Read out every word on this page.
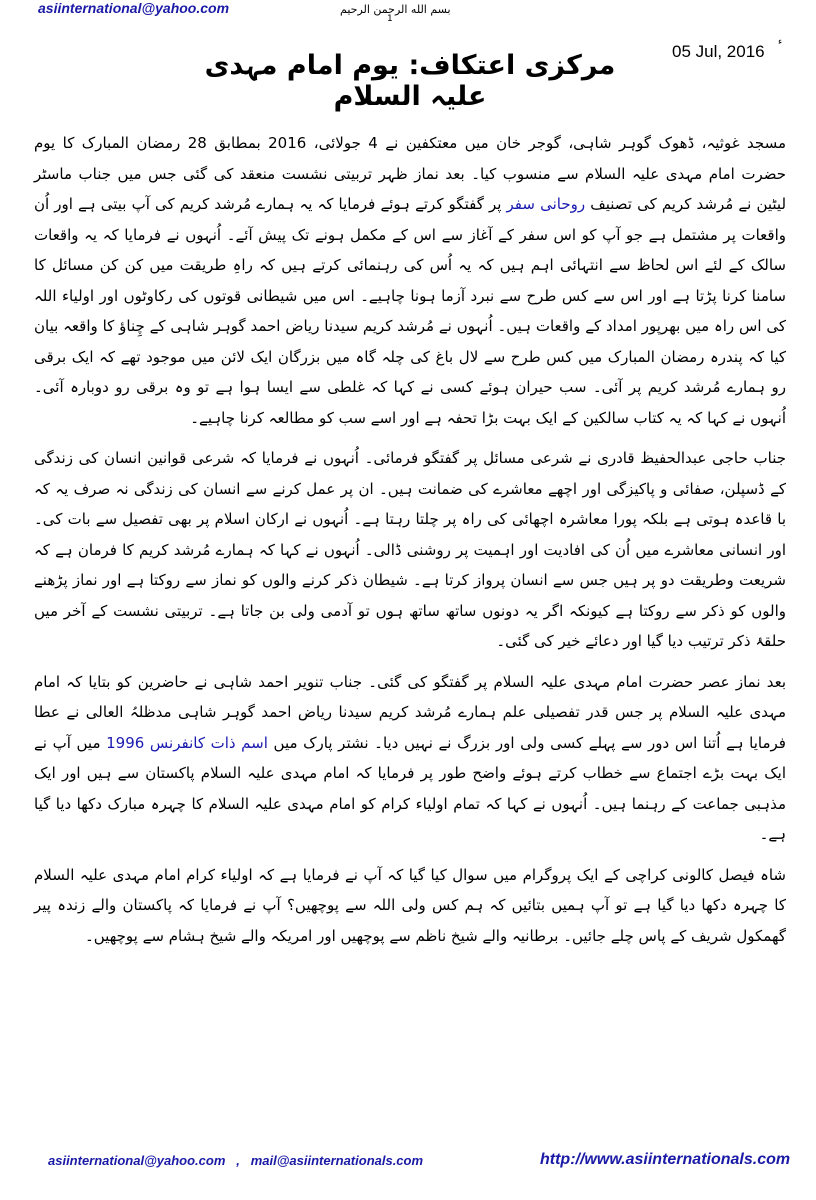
asiinternational@yahoo.com	بسم الله الرحمن الرحیم
1
05 Jul, 2016 ء
مرکزی اعتکاف: یوم امام مہدی علیہ السلام

مسجد غوثیہ، ڈھوک گوہر شاہی، گوجر خان میں معتکفین نے 4 جولائی، 2016 بمطابق 28 رمضان المبارک کا یوم حضرت امام مہدی علیہ السلام سے منسوب کیا۔ بعد نماز ظہر تربیتی نشست منعقد کی گئی جس میں جناب ماسٹر لیٹین نے مُرشد کریم کی تصنیف روحانی سفر پر گفتگو کرتے ہوئے فرمایا کہ یہ ہمارے مُرشد کریم کی آپ بیتی ہے اور اُن واقعات پر مشتمل ہے جو آپ کو اس سفر کے آغاز سے اس کے مکمل ہونے تک پیش آئے۔ اُنہوں نے فرمایا کہ یہ واقعات سالک کے لئے اس لحاظ سے انتہائی اہم ہیں کہ یہ اُس کی رہنمائی کرتے ہیں کہ راہِ طریقت میں کن کن مسائل کا سامنا کرنا پڑتا ہے اور اس سے کس طرح سے نبرد آزما ہونا چاہیے۔ اس میں شیطانی قوتوں کی رکاوٹوں اور اولیاء اللہ کی اس راہ میں بھرپور امداد کے واقعات ہیں۔ اُنہوں نے مُرشد کریم سیدنا ریاض احمد گوہر شاہی کے چِناؤ کا واقعہ بیان کیا کہ پندرہ رمضان المبارک میں کس طرح سے لال باغ کی چلہ گاہ میں بزرگان ایک لائن میں موجود تھے کہ ایک برقی رو ہمارے مُرشد کریم پر آئی۔ سب حیران ہوئے کسی نے کہا کہ غلطی سے ایسا ہوا ہے تو وہ برقی رو دوبارہ آئی۔ اُنہوں نے کہا کہ یہ کتاب سالکین کے ایک بہت بڑا تحفہ ہے اور اسے سب کو مطالعہ کرنا چاہیے۔

جناب حاجی عبدالحفیظ قادری نے شرعی مسائل پر گفتگو فرمائی۔ اُنہوں نے فرمایا کہ شرعی قوانین انسان کی زندگی کے ڈسپلن، صفائی و پاکیزگی اور اچھے معاشرے کی ضمانت ہیں۔ ان پر عمل کرنے سے انسان کی زندگی نہ صرف یہ کہ با قاعدہ ہوتی ہے بلکہ پورا معاشرہ اچھائی کی راہ پر چلتا رہتا ہے۔ اُنہوں نے ارکان اسلام پر بھی تفصیل سے بات کی۔ اور انسانی معاشرے میں اُن کی افادیت اور اہمیت پر روشنی ڈالی۔ اُنہوں نے کہا کہ ہمارے مُرشد کریم کا فرمان ہے کہ شریعت وطریقت دو پر ہیں جس سے انسان پرواز کرتا ہے۔ شیطان ذکر کرنے والوں کو نماز سے روکتا ہے اور نماز پڑھنے والوں کو ذکر سے روکتا ہے کیونکہ اگر یہ دونوں ساتھ ساتھ ہوں تو آدمی ولی بن جاتا ہے۔ تربیتی نشست کے آخر میں حلقۂ ذکر ترتیب دیا گیا اور دعائے خیر کی گئی۔

بعد نماز عصر حضرت امام مہدی علیہ السلام پر گفتگو کی گئی۔ جناب تنویر احمد شاہی نے حاضرین کو بتایا کہ امام مہدی علیہ السلام پر جس قدر تفصیلی علم ہمارے مُرشد کریم سیدنا ریاض احمد گوہر شاہی مدظلہُ العالی نے عطا فرمایا ہے اُتنا اس دور سے پہلے کسی ولی اور بزرگ نے نہیں دیا۔ نشتر پارک میں اسم ذات کانفرنس 1996 میں آپ نے ایک بہت بڑے اجتماع سے خطاب کرتے ہوئے واضح طور پر فرمایا کہ امام مہدی علیہ السلام پاکستان سے ہیں اور ایک مذہبی جماعت کے رہنما ہیں۔ اُنہوں نے کہا کہ تمام اولیاء کرام کو امام مہدی علیہ السلام کا چہرہ مبارک دکھا دیا گیا ہے۔

شاہ فیصل کالونی کراچی کے ایک پروگرام میں سوال کیا گیا کہ آپ نے فرمایا ہے کہ اولیاء کرام امام مہدی علیہ السلام کا چہرہ دکھا دیا گیا ہے تو آپ ہمیں بتائیں کہ ہم کس ولی اللہ سے پوچھیں؟ آپ نے فرمایا کہ پاکستان والے زندہ پیر گھمکول شریف کے پاس چلے جائیں۔ برطانیہ والے شیخ ناظم سے پوچھیں اور امریکہ والے شیخ ہشام سے پوچھیں۔

asiinternational@yahoo.com , mail@asiinternationals.com	http://www.asiinternationals.com
